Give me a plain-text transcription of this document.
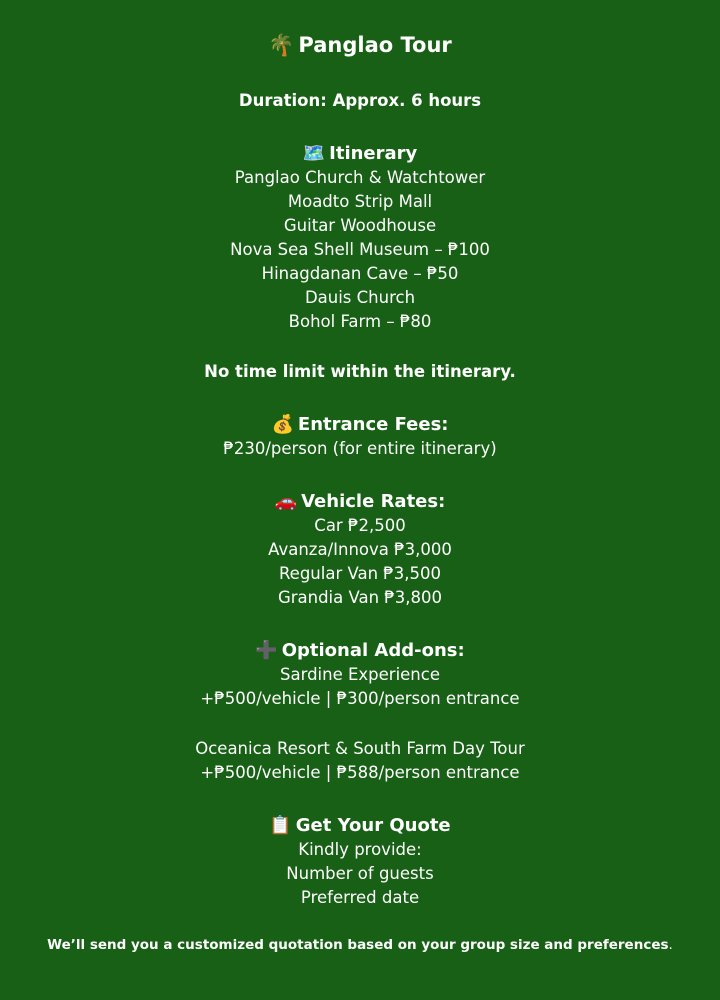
🌴 Panglao Tour
Duration: Approx. 6 hours
🗺️ Itinerary
Panglao Church & Watchtower
Moadto Strip Mall
Guitar Woodhouse
Nova Sea Shell Museum – ₱100
Hinagdanan Cave – ₱50
Dauis Church
Bohol Farm – ₱80
No time limit within the itinerary.
💰 Entrance Fees:
₱230/person (for entire itinerary)
🚗 Vehicle Rates:
Car ₱2,500
Avanza/Innova ₱3,000
Regular Van ₱3,500
Grandia Van ₱3,800
➕ Optional Add-ons:
Sardine Experience
+₱500/vehicle | ₱300/person entrance
Oceanica Resort & South Farm Day Tour
+₱500/vehicle | ₱588/person entrance
📋 Get Your Quote
Kindly provide:
Number of guests
Preferred date
We’ll send you a customized quotation based on your group size and preferences.
